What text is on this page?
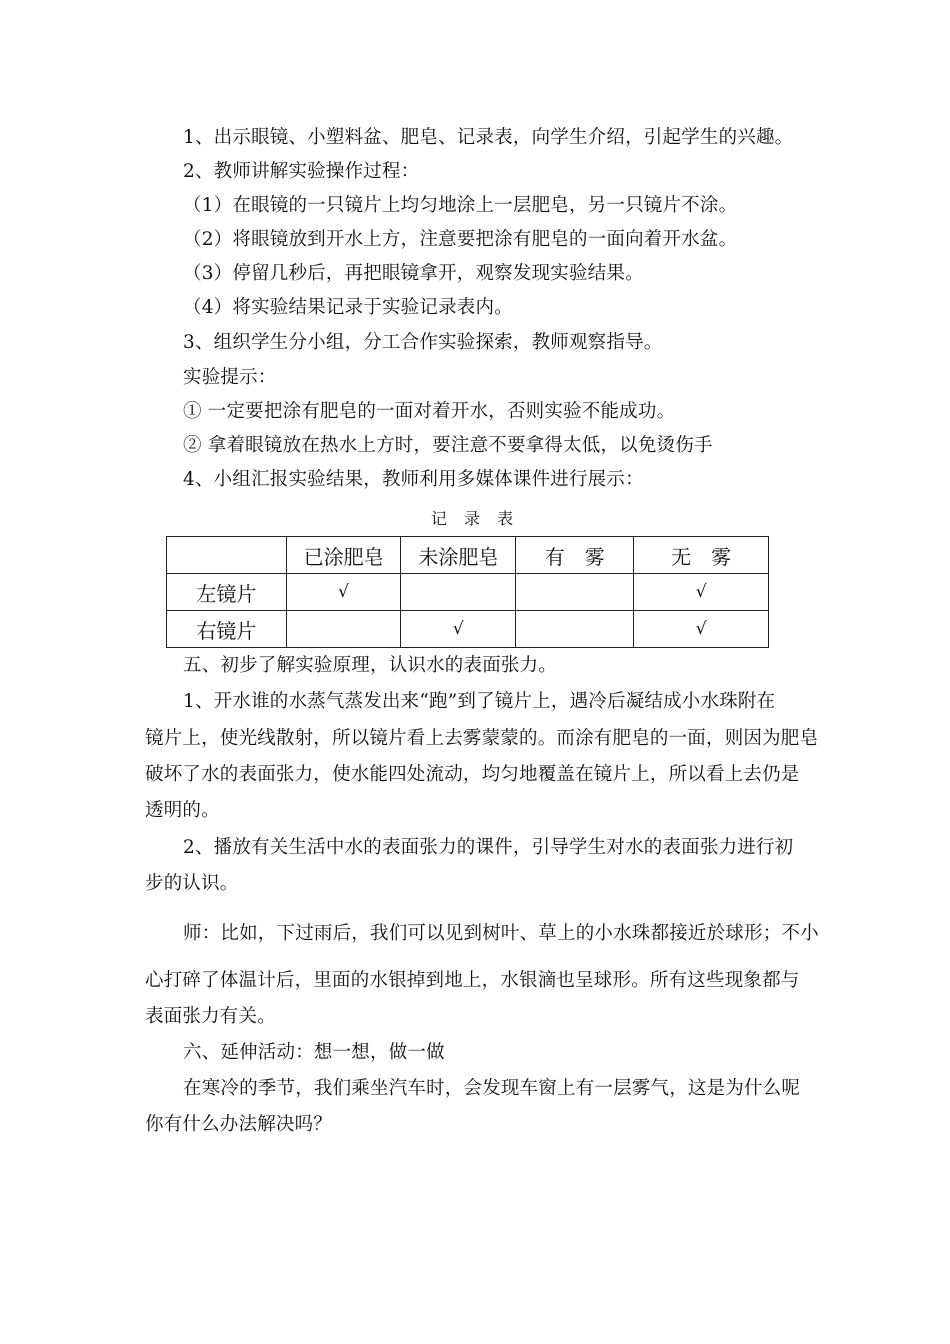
1、出示眼镜、小塑料盆、肥皂、记录表，向学生介绍，引起学生的兴趣。
2、教师讲解实验操作过程：
（1）在眼镜的一只镜片上均匀地涂上一层肥皂，另一只镜片不涂。
（2）将眼镜放到开水上方，注意要把涂有肥皂的一面向着开水盆。
（3）停留几秒后，再把眼镜拿开，观察发现实验结果。
（4）将实验结果记录于实验记录表内。
3、组织学生分小组，分工合作实验探索，教师观察指导。
实验提示：
① 一定要把涂有肥皂的一面对着开水，否则实验不能成功。
② 拿着眼镜放在热水上方时，要注意不要拿得太低，以免烫伤手
4、小组汇报实验结果，教师利用多媒体课件进行展示：
记 录 表
	已涂肥皂	未涂肥皂	有　雾	无　雾
左镜片	√			√
右镜片		√		√
五、初步了解实验原理，认识水的表面张力。
1、开水谁的水蒸气蒸发出来“跑”到了镜片上，遇冷后凝结成小水珠附在
镜片上，使光线散射，所以镜片看上去雾蒙蒙的。而涂有肥皂的一面，则因为肥皂
破坏了水的表面张力，使水能四处流动，均匀地覆盖在镜片上，所以看上去仍是
透明的。
2、播放有关生活中水的表面张力的课件，引导学生对水的表面张力进行初
步的认识。
师：比如，下过雨后，我们可以见到树叶、草上的小水珠都接近於球形；不小
心打碎了体温计后，里面的水银掉到地上，水银滴也呈球形。所有这些现象都与
表面张力有关。
六、延伸活动：想一想，做一做
在寒冷的季节，我们乘坐汽车时，会发现车窗上有一层雾气，这是为什么呢
你有什么办法解决吗？
